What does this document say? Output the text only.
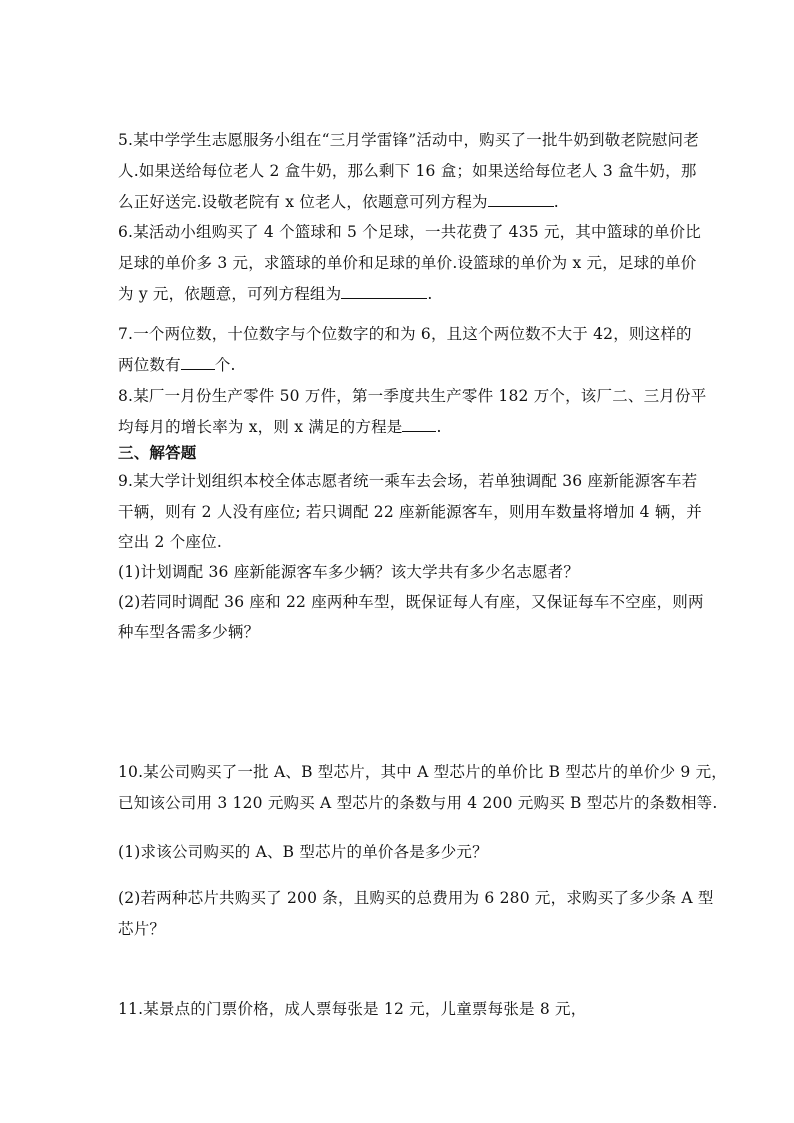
5.某中学学生志愿服务小组在“三月学雷锋”活动中，购买了一批牛奶到敬老院慰问老
人.如果送给每位老人 2 盒牛奶，那么剩下 16 盒；如果送给每位老人 3 盒牛奶，那
么正好送完.设敬老院有 x 位老人，依题意可列方程为	.
6.某活动小组购买了 4 个篮球和 5 个足球，一共花费了 435 元，其中篮球的单价比
足球的单价多 3 元，求篮球的单价和足球的单价.设篮球的单价为 x 元，足球的单价
为 y 元，依题意，可列方程组为	.
7.一个两位数，十位数字与个位数字的和为 6，且这个两位数不大于 42，则这样的
两位数有 个.
8.某厂一月份生产零件 50 万件，第一季度共生产零件 182 万个，该厂二、三月份平
均每月的增长率为 x，则 x 满足的方程是 .
三、解答题
9.某大学计划组织本校全体志愿者统一乘车去会场，若单独调配 36 座新能源客车若
干辆，则有 2 人没有座位; 若只调配 22 座新能源客车，则用车数量将增加 4 辆，并
空出 2 个座位.
(1)计划调配 36 座新能源客车多少辆？该大学共有多少名志愿者？
(2)若同时调配 36 座和 22 座两种车型，既保证每人有座，又保证每车不空座，则两
种车型各需多少辆？
10.某公司购买了一批 A、B 型芯片，其中 A 型芯片的单价比 B 型芯片的单价少 9 元，
已知该公司用 3 120 元购买 A 型芯片的条数与用 4 200 元购买 B 型芯片的条数相等.
(1)求该公司购买的 A、B 型芯片的单价各是多少元？
(2)若两种芯片共购买了 200 条，且购买的总费用为 6 280 元，求购买了多少条 A 型
芯片？
11.某景点的门票价格，成人票每张是 12 元，儿童票每张是 8 元，
